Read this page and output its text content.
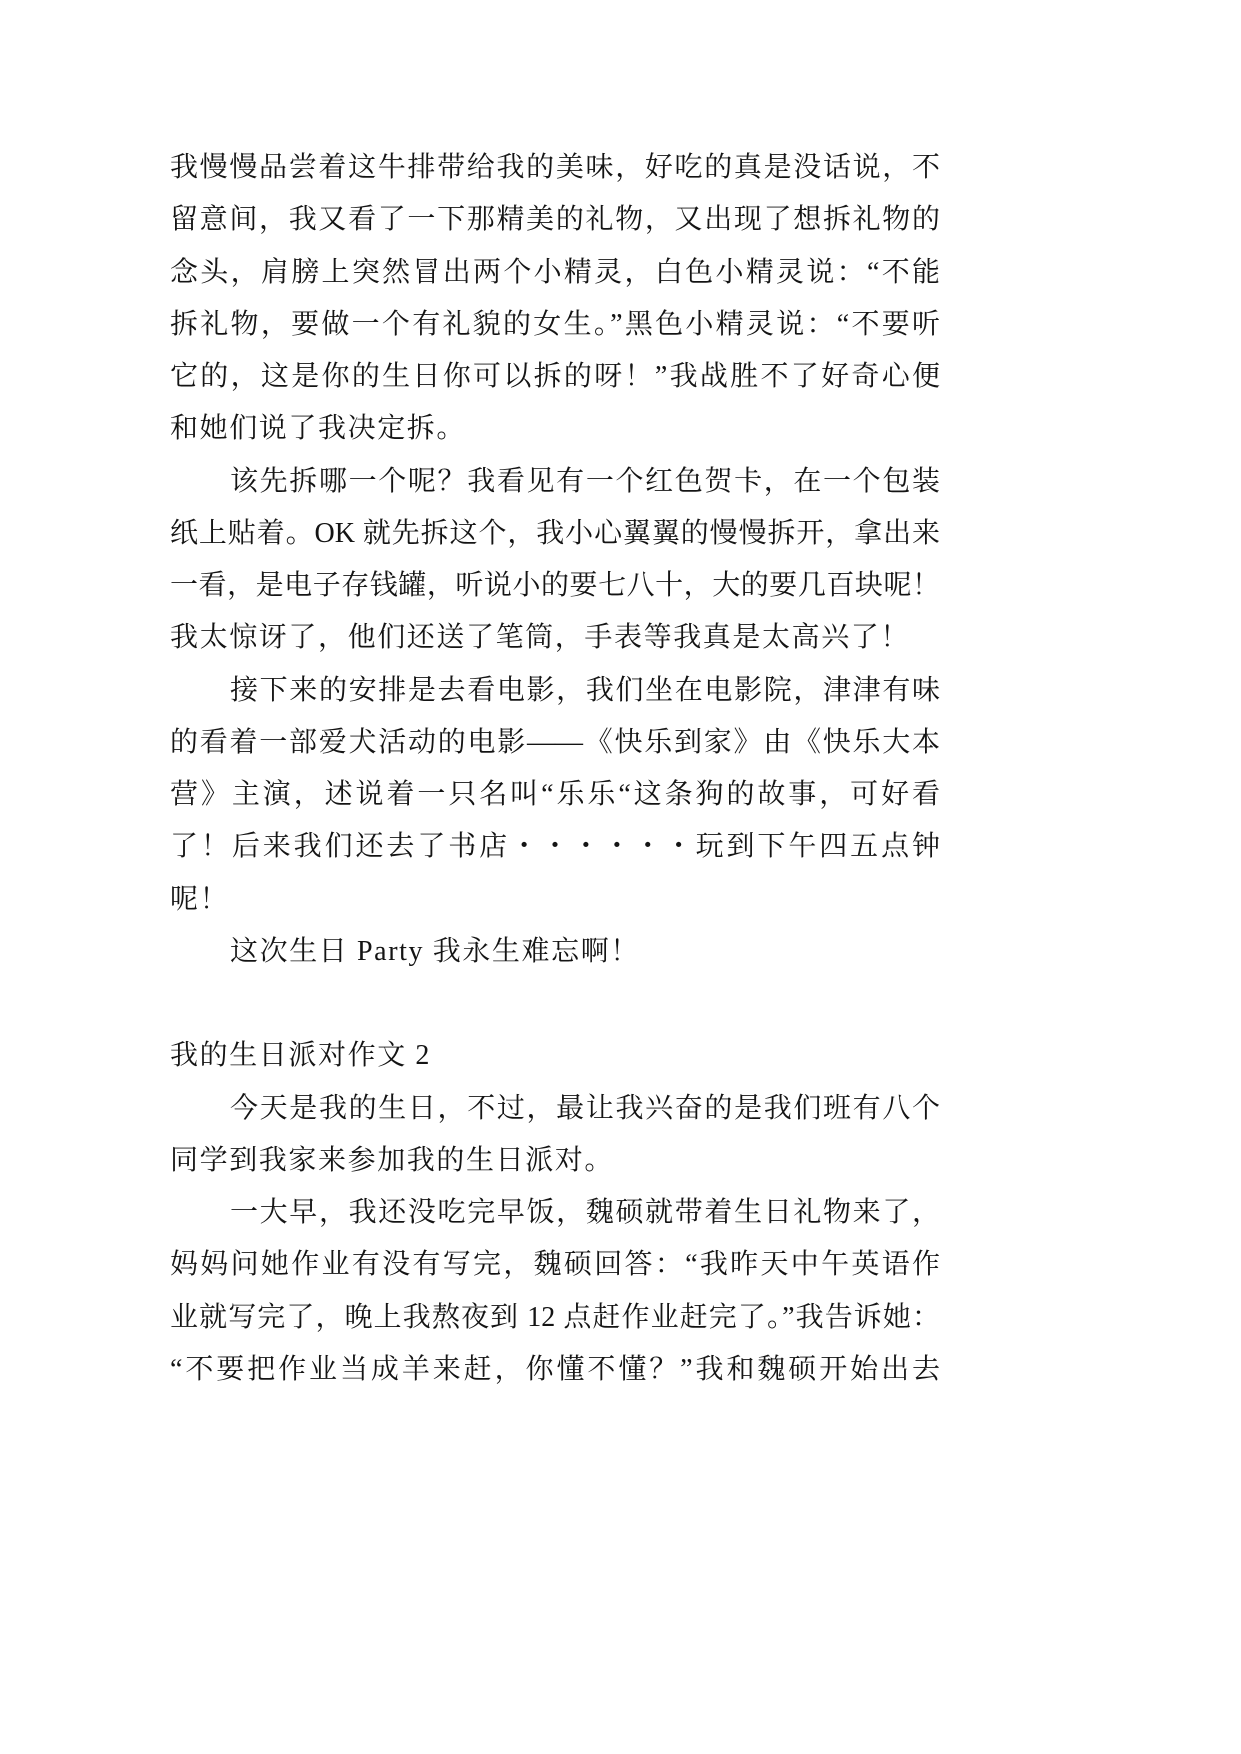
我慢慢品尝着这牛排带给我的美味，好吃的真是没话说，不
留意间，我又看了一下那精美的礼物，又出现了想拆礼物的
念头，肩膀上突然冒出两个小精灵，白色小精灵说：“不能
拆礼物，要做一个有礼貌的女生。”黑色小精灵说：“不要听
它的，这是你的生日你可以拆的呀！”我战胜不了好奇心便
和她们说了我决定拆。
该先拆哪一个呢？我看见有一个红色贺卡，在一个包装
纸上贴着。OK 就先拆这个，我小心翼翼的慢慢拆开，拿出来
一看，是电子存钱罐，听说小的要七八十，大的要几百块呢！
我太惊讶了，他们还送了笔筒，手表等我真是太高兴了！
接下来的安排是去看电影，我们坐在电影院，津津有味
的看着一部爱犬活动的电影——《快乐到家》由《快乐大本
营》主演，述说着一只名叫“乐乐“这条狗的故事，可好看
了！后来我们还去了书店・・・・・・玩到下午四五点钟
呢！
这次生日 Party 我永生难忘啊！
我的生日派对作文 2
今天是我的生日，不过，最让我兴奋的是我们班有八个
同学到我家来参加我的生日派对。
一大早，我还没吃完早饭，魏硕就带着生日礼物来了，
妈妈问她作业有没有写完，魏硕回答：“我昨天中午英语作
业就写完了，晚上我熬夜到 12 点赶作业赶完了。”我告诉她：
“不要把作业当成羊来赶，你懂不懂？”我和魏硕开始出去
